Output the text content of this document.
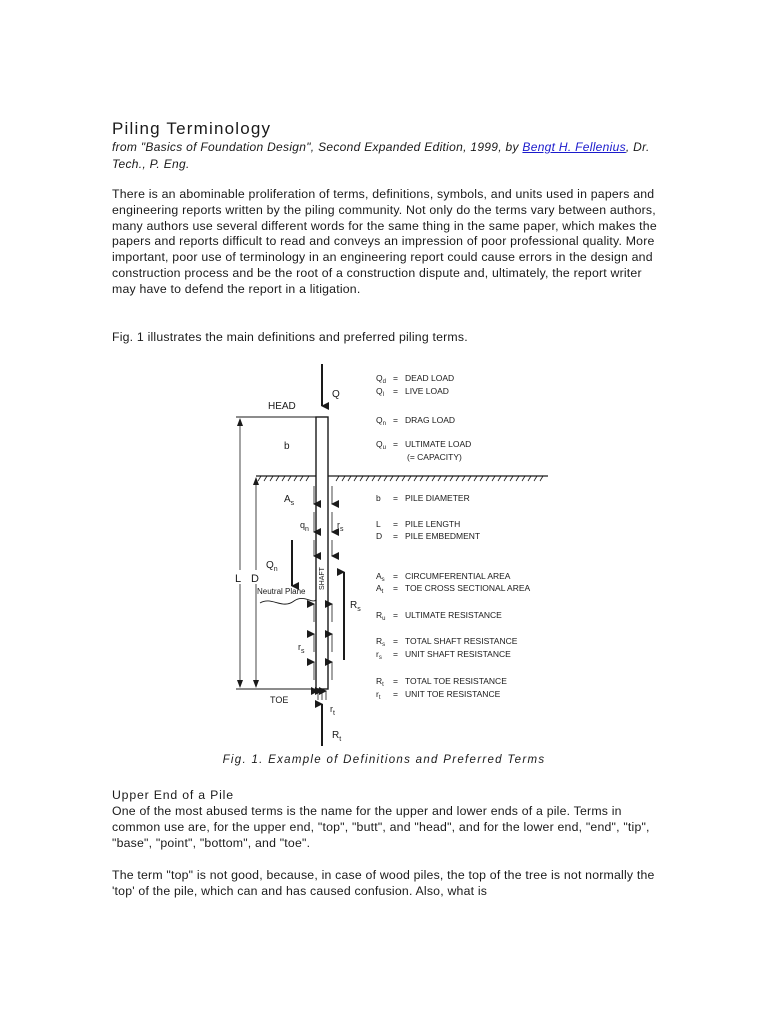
Piling Terminology
from "Basics of Foundation Design", Second Expanded Edition, 1999, by Bengt H. Fellenius, Dr. Tech., P. Eng.

There is an abominable proliferation of terms, definitions, symbols, and units used in papers and engineering reports written by the piling community. Not only do the terms vary between authors, many authors use several different words for the same thing in the same paper, which makes the papers and reports difficult to read and conveys an impression of poor professional quality. More important, poor use of terminology in an engineering report could cause errors in the design and construction process and be the root of a construction dispute and, ultimately, the report writer may have to defend the report in a litigation.

Fig. 1 illustrates the main definitions and preferred piling terms.

HEAD
TOE
L D
b
Q
$A_s$
$q_n$	$r_s$
$Q_n$	SHAFT
Neutral Plane
$R_s$
$r_s$
$r_t$
$R_t$
$Q_d$ = DEAD LOAD
$Q_l$ = LIVE LOAD
$Q_n$ = DRAG LOAD
$Q_u$ = ULTIMATE LOAD
(= CAPACITY)
b = PILE DIAMETER
L = PILE LENGTH
D = PILE EMBEDMENT
$A_s$ = CIRCUMFERENTIAL AREA
$A_t$ = TOE CROSS SECTIONAL AREA
$R_u$ = ULTIMATE RESISTANCE
$R_s$ = TOTAL SHAFT RESISTANCE
$r_s$ = UNIT SHAFT RESISTANCE
$R_t$ = TOTAL TOE RESISTANCE
$r_t$ = UNIT TOE RESISTANCE
Fig. 1. Example of Definitions and Preferred Terms
Upper End of a Pile

One of the most abused terms is the name for the upper and lower ends of a pile. Terms in common use are, for the upper end, "top", "butt", and "head", and for the lower end, "end", "tip", "base", "point", "bottom", and "toe".

The term "top" is not good, because, in case of wood piles, the top of the tree is not normally the 'top' of the pile, which can and has caused confusion. Also, what is
